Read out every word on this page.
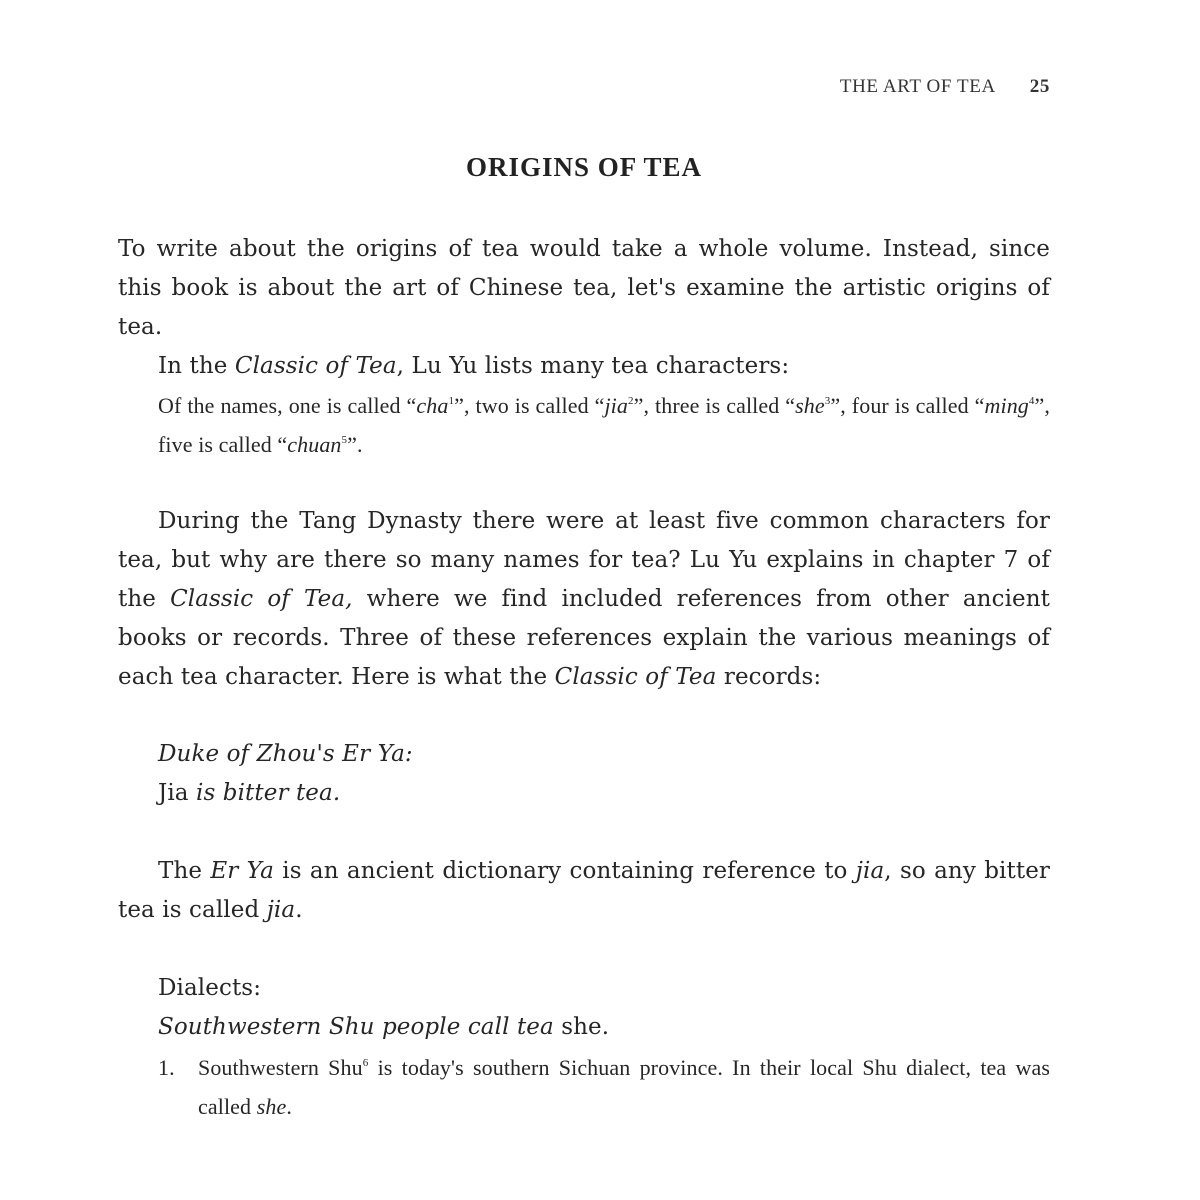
THE ART OF TEA 25
ORIGINS OF TEA

To write about the origins of tea would take a whole volume. Instead, since this book is about the art of Chinese tea, let's examine the artistic origins of tea.

In the Classic of Tea, Lu Yu lists many tea characters:

Of the names, one is called “cha$^1$”, two is called “jia$^2$”, three is called “she$^3$”, four is called “ming$^4$”, five is called “chuan$^5$”.

During the Tang Dynasty there were at least five common characters for tea, but why are there so many names for tea? Lu Yu explains in chapter 7 of the Classic of Tea, where we find included references from other ancient books or records. Three of these references explain the various meanings of each tea character. Here is what the Classic of Tea records:

Duke of Zhou's Er Ya:
Jia is bitter tea.

The Er Ya is an ancient dictionary containing reference to jia, so any bitter tea is called jia.

Dialects:
Southwestern Shu people call tea she.
1.	Southwestern Shu$^6$ is today's southern Sichuan province. In their local Shu dialect, tea was called she.
